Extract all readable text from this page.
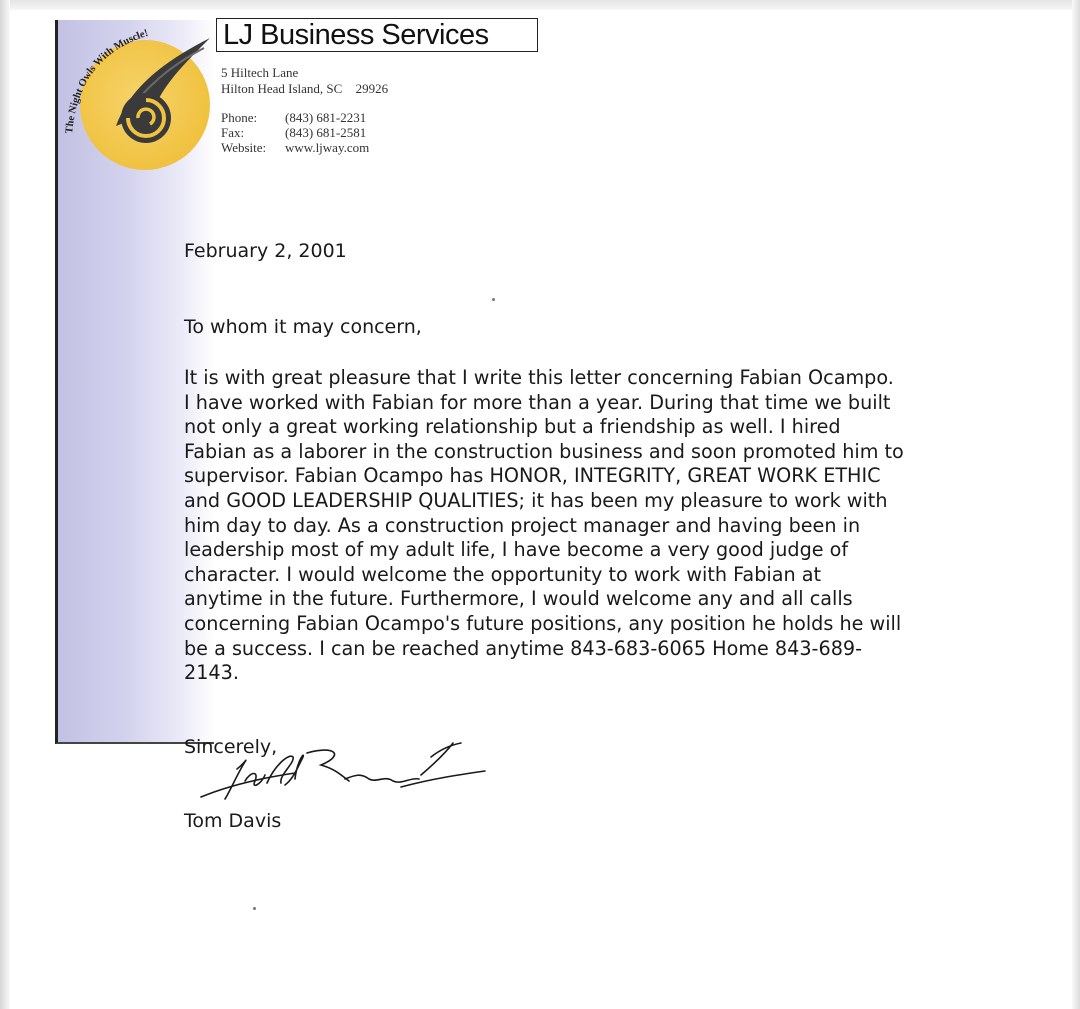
The Night Owls With Muscle!	LJ Business Services
5 Hiltech Lane
Hilton Head Island, SC 29926
Phone:	(843) 681-2231
Fax:	(843) 681-2581
Website:	www.ljway.com
February 2, 2001
To whom it may concern,
It is with great pleasure that I write this letter concerning Fabian Ocampo.
I have worked with Fabian for more than a year. During that time we built
not only a great working relationship but a friendship as well. I hired
Fabian as a laborer in the construction business and soon promoted him to
supervisor. Fabian Ocampo has HONOR, INTEGRITY, GREAT WORK ETHIC
and GOOD LEADERSHIP QUALITIES; it has been my pleasure to work with
him day to day. As a construction project manager and having been in
leadership most of my adult life, I have become a very good judge of
character. I would welcome the opportunity to work with Fabian at
anytime in the future. Furthermore, I would welcome any and all calls
concerning Fabian Ocampo's future positions, any position he holds he will
be a success. I can be reached anytime 843-683-6065 Home 843-689-
2143.
Sincerely,
Tom Davis
